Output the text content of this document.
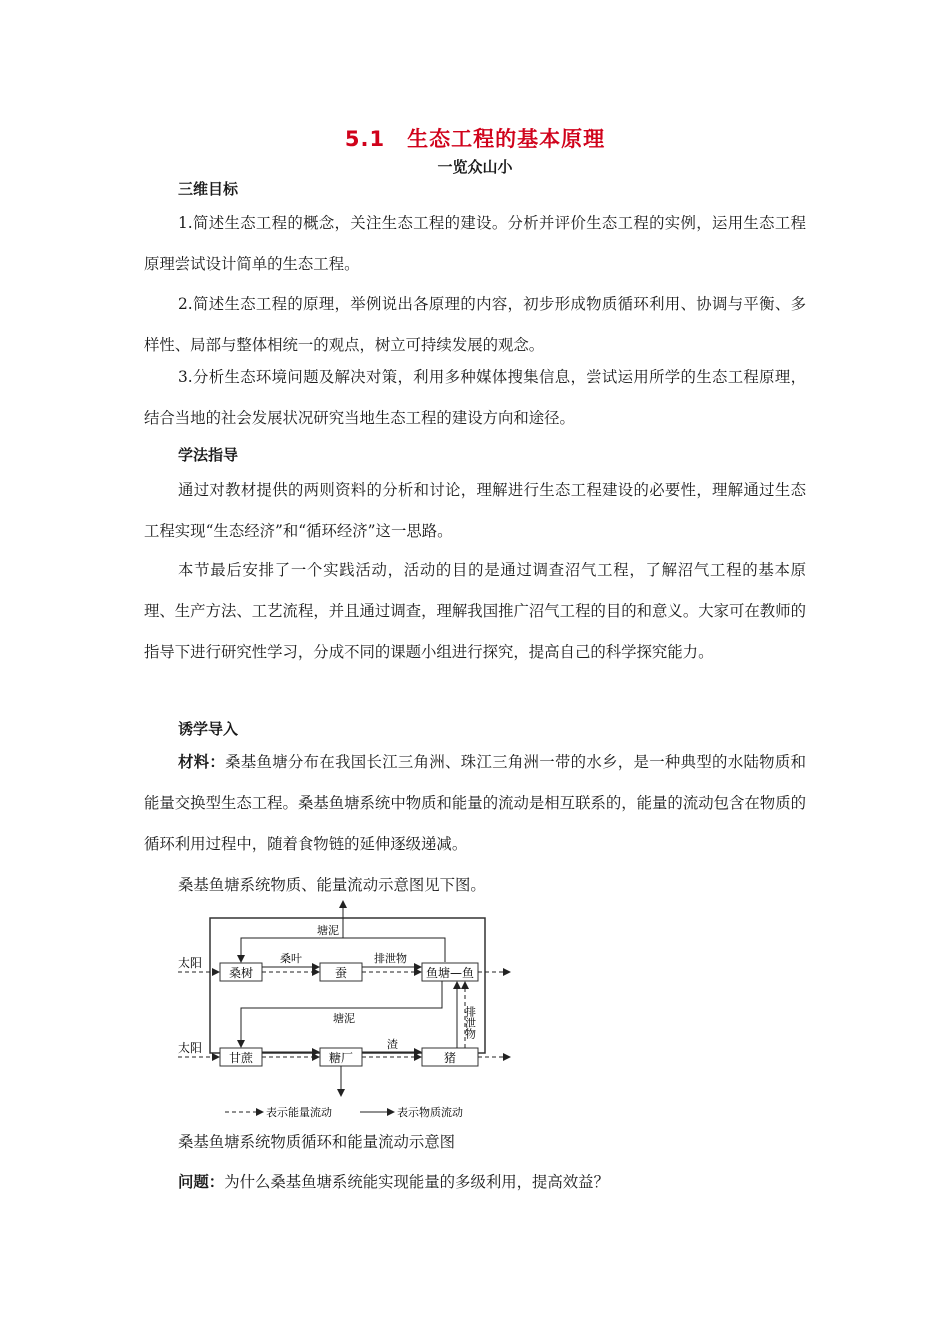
5.1 生态工程的基本原理
一览众山小
三维目标
1.简述生态工程的概念，关注生态工程的建设。分析并评价生态工程的实例，运用生态工程原理尝试设计简单的生态工程。
2.简述生态工程的原理，举例说出各原理的内容，初步形成物质循环利用、协调与平衡、多样性、局部与整体相统一的观点，树立可持续发展的观念。
3.分析生态环境问题及解决对策，利用多种媒体搜集信息，尝试运用所学的生态工程原理，结合当地的社会发展状况研究当地生态工程的建设方向和途径。
学法指导
通过对教材提供的两则资料的分析和讨论，理解进行生态工程建设的必要性，理解通过生态工程实现“生态经济”和“循环经济”这一思路。
本节最后安排了一个实践活动，活动的目的是通过调查沼气工程，了解沼气工程的基本原理、生产方法、工艺流程，并且通过调查，理解我国推广沼气工程的目的和意义。大家可在教师的指导下进行研究性学习，分成不同的课题小组进行探究，提高自己的科学探究能力。
诱学导入
材料：桑基鱼塘分布在我国长江三角洲、珠江三角洲一带的水乡，是一种典型的水陆物质和能量交换型生态工程。桑基鱼塘系统中物质和能量的流动是相互联系的，能量的流动包含在物质的循环利用过程中，随着食物链的延伸逐级递减。
桑基鱼塘系统物质、能量流动示意图见下图。
桑树	蚕	鱼塘—鱼
甘蔗	糖厂	猪
太阳
太阳
塘泥
桑叶	排泄物
塘泥
渣
排泄物
表示能量流动	表示物质流动
桑基鱼塘系统物质循环和能量流动示意图
问题：为什么桑基鱼塘系统能实现能量的多级利用，提高效益？
